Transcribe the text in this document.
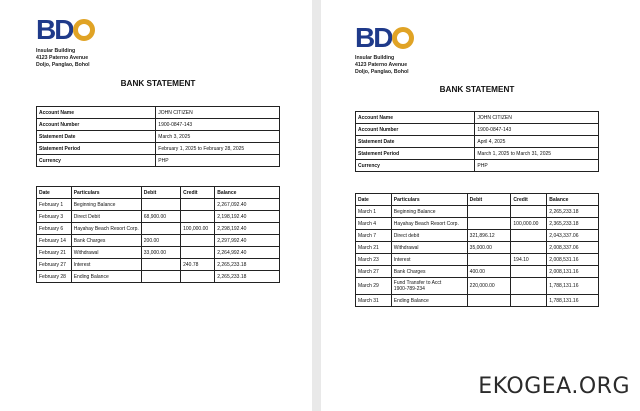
BD
Insular Building
4123 Paterno Avenue
Doljo, Panglao, Bohol
BANK STATEMENT
Account Name	JOHN CITIZEN
Account Number	1900-0847-143
Statement Date	March 3, 2025
Statement Period	February 1, 2025 to February 28, 2025
Currency	PHP
Date	Particulars	Debit	Credit	Balance
February 1	Beginning Balance			2,267,092.40
February 3	Direct Debit	68,900.00		2,198,192.40
February 6	Hayahay Beach Resort Corp.		100,000.00	2,298,192.40
February 14	Bank Charges	200.00		2,297,992.40
February 21	Withdrawal	33,000.00		2,264,992.40
February 27	Interest		240.78	2,265,233.18
February 28	Ending Balance			2,265,233.18
BD
Insular Building
4123 Paterno Avenue
Doljo, Panglao, Bohol
BANK STATEMENT
Account Name	JOHN CITIZEN
Account Number	1900-0847-143
Statement Date	April 4, 2025
Statement Period	March 1, 2025 to March 31, 2025
Currency	PHP
Date	Particulars	Debit	Credit	Balance
March 1	Beginning Balance			2,265,233.18
March 4	Hayahay Beach Resort Corp.		100,000.00	2,365,233.18
March 7	Direct debit	321,896.12		2,043,337.06
March 21	Withdrawal	35,000.00		2,008,337.06
March 23	Interest		194.10	2,008,531.16
March 27	Bank Charges	400.00		2,008,131.16
March 29	Fund Transfer to Acct
1900-789-234	220,000.00		1,788,131.16
March 31	Ending Balance			1,788,131.16
EKOGEA.ORG
